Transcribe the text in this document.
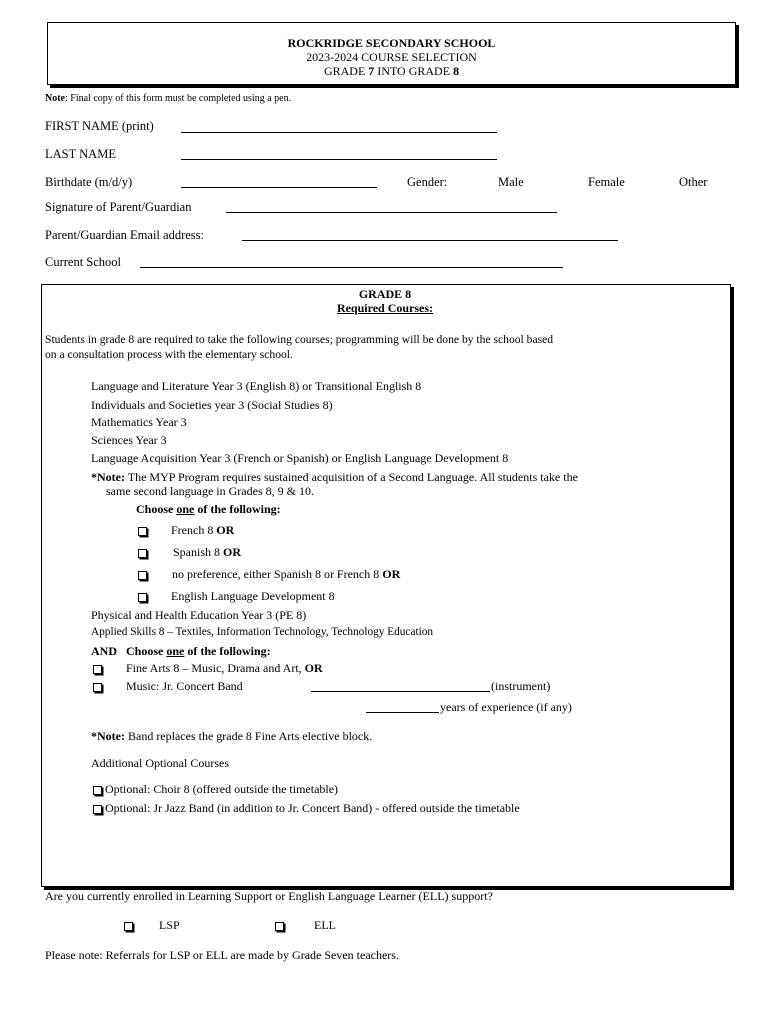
ROCKRIDGE SECONDARY SCHOOL
2023-2024 COURSE SELECTION
GRADE 7 INTO GRADE 8
Note: Final copy of this form must be completed using a pen.
FIRST NAME (print)
LAST NAME
Birthdate (m/d/y)	Gender:	Male	Female	Other
Signature of Parent/Guardian
Parent/Guardian Email address:
Current School
GRADE 8
Required Courses:
Students in grade 8 are required to take the following courses; programming will be done by the school based
on a consultation process with the elementary school.
Language and Literature Year 3 (English 8) or Transitional English 8
Individuals and Societies year 3 (Social Studies 8)
Mathematics Year 3
Sciences Year 3
Language Acquisition Year 3 (French or Spanish) or English Language Development 8
*Note: The MYP Program requires sustained acquisition of a Second Language. All students take the
same second language in Grades 8, 9 & 10.
Choose one of the following:
French 8 OR
Spanish 8 OR
no preference, either Spanish 8 or French 8 OR
English Language Development 8
Physical and Health Education Year 3 (PE 8)
Applied Skills 8 – Textiles, Information Technology, Technology Education
AND Choose one of the following:
Fine Arts 8 – Music, Drama and Art, OR
Music: Jr. Concert Band	(instrument)
years of experience (if any)
*Note: Band replaces the grade 8 Fine Arts elective block.
Additional Optional Courses
Optional: Choir 8 (offered outside the timetable)
Optional: Jr Jazz Band (in addition to Jr. Concert Band) - offered outside the timetable
Are you currently enrolled in Learning Support or English Language Learner (ELL) support?
LSP	ELL
Please note: Referrals for LSP or ELL are made by Grade Seven teachers.
